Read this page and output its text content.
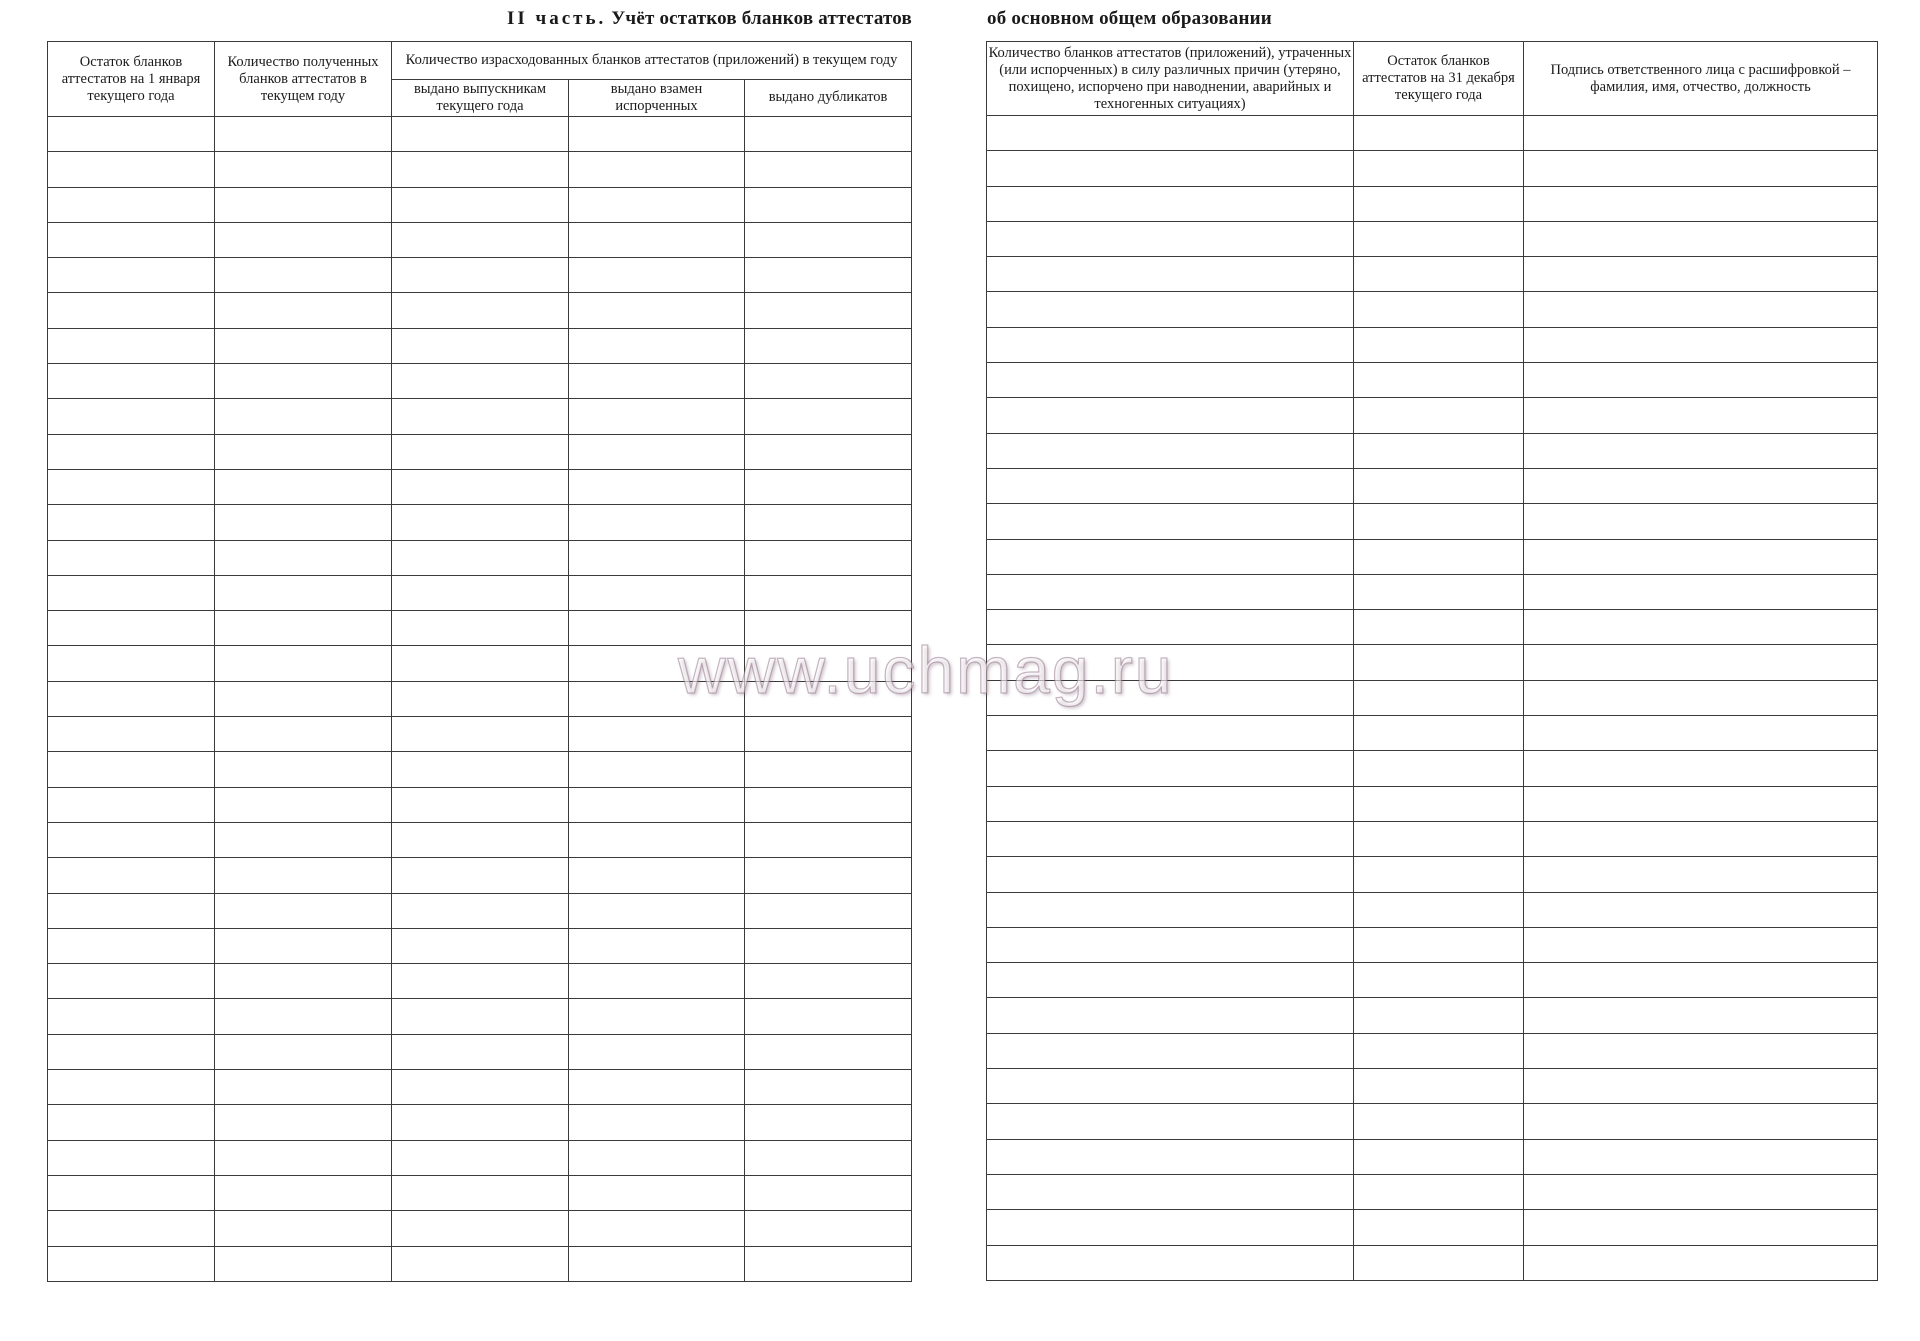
II часть. Учёт остатков бланков аттестатов	об основном общем образовании
Остаток бланков аттестатов на 1 января текущего года	Количество полученных бланков аттестатов в текущем году	Количество израсходованных бланков аттестатов (приложений) в текущем году		
		выдано выпускникам текущего года	выдано взамен испорченных	выдано дубликатов

Количество бланков аттестатов (приложений), утраченных (или испорченных) в силу различных причин (утеряно, похищено, испорчено при наводнении, аварийных и техногенных ситуациях)	Остаток бланков аттестатов на 31 декабря текущего года	Подпись ответственного лица с расшифровкой – фамилия, имя, отчество, должность

www.uchmag.ru
